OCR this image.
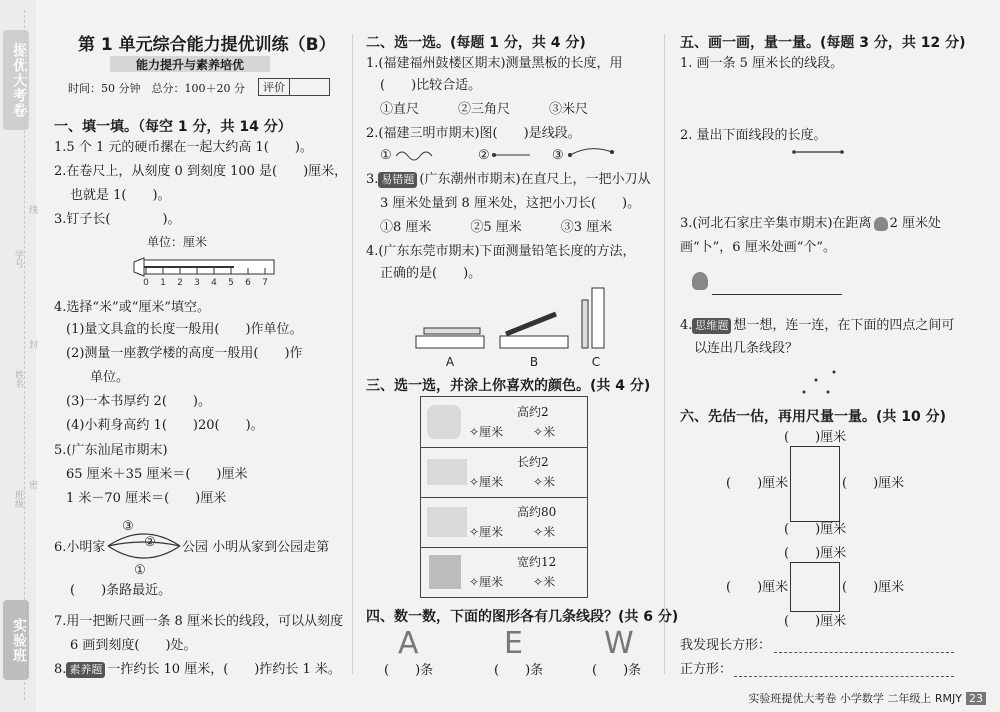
提优大考卷
实验班
学号
姓名
班级
线
封
密
第 1 单元综合能力提优训练（B）
能力提升与素养培优
时间：50 分钟　总分：100＋20 分	评价
一、填一填。（每空 1 分，共 14 分）
1.5 个 1 元的硬币摞在一起大约高 1(　　)。
2.在卷尺上，从刻度 0 到刻度 100 是(　　)厘米，
也就是 1(　　)。
3.钉子长(　　　　)。
单位：厘米
0 1 2 3 4 5 6 7
4.选择“米”或“厘米”填空。
(1)量文具盒的长度一般用(　　)作单位。
(2)测量一座教学楼的高度一般用(　　)作
单位。
(3)一本书厚约 2(　　)。
(4)小莉身高约 1(　　)20(　　)。
5.(广东汕尾市期末)
65 厘米＋35 厘米＝(　　)厘米
1 米－70 厘米＝(　　)厘米
6.小明家
③
②
①
公园 小明从家到公园走第
(　　)条路最近。
7.用一把断尺画一条 8 厘米长的线段，可以从刻度
6 画到刻度(　　)处。
8. 素养题 一拃约长 10 厘米，(　　)拃约长 1 米。
二、选一选。(每题 1 分，共 4 分)
1.(福建福州鼓楼区期末)测量黑板的长度，用
(　　)比较合适。
①直尺　　　②三角尺　　　③米尺
2.(福建三明市期末)图(　　)是线段。
①	②	③
3. 易错题 (广东潮州市期末)在直尺上，一把小刀从
3 厘米处量到 8 厘米处，这把小刀长(　　)。
①8 厘米　　　②5 厘米　　　③3 厘米
4.(广东东莞市期末)下面测量铅笔长度的方法，
正确的是(　　)。
A	B	C
三、选一选，并涂上你喜欢的颜色。(共 4 分)
高约2
✧厘米 ✧米
长约2
✧厘米 ✧米
高约80
✧厘米 ✧米
宽约12
✧厘米 ✧米
四、数一数，下面的图形各有几条线段？(共 6 分)
A	E	W
(　　)条	(　　)条	(　　)条
五、画一画，量一量。(每题 3 分，共 12 分)
1. 画一条 5 厘米长的线段。
2. 量出下面线段的长度。
3.(河北石家庄辛集市期末)在距离 2 厘米处
画“卜”，6 厘米处画“个”。
4. 思维题 想一想，连一连，在下面的四点之间可
以连出几条线段？
六、先估一估，再用尺量一量。(共 10 分)
(　　)厘米
(　　)厘米	(　　)厘米
(　　)厘米
(　　)厘米
(　　)厘米	(　　)厘米
(　　)厘米
我发现长方形：
正方形：
实验班提优大考卷 小学数学 二年级上 RMJY 23
